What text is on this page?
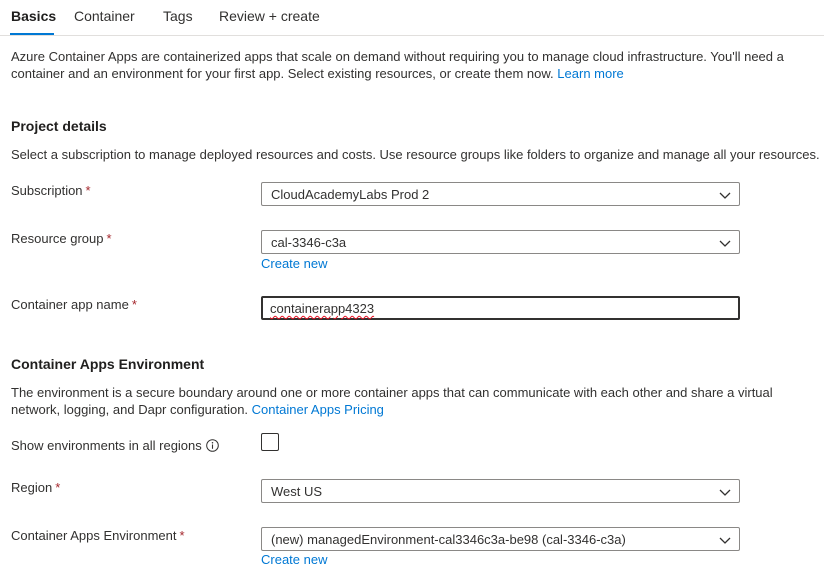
Basics Container Tags Review + create
Azure Container Apps are containerized apps that scale on demand without requiring you to manage cloud infrastructure. You'll need a container and an environment for your first app. Select existing resources, or create them now. Learn more
Project details
Select a subscription to manage deployed resources and costs. Use resource groups like folders to organize and manage all your resources.
Subscription *	CloudAcademyLabs Prod 2
Resource group *	cal-3346-c3a
Create new
Container app name *	containerapp4323
Container Apps Environment
The environment is a secure boundary around one or more container apps that can communicate with each other and share a virtual network, logging, and Dapr configuration. Container Apps Pricing
Show environments in all regions
Region *	West US
Container Apps Environment *	(new) managedEnvironment-cal3346c3a-be98 (cal-3346-c3a)
Create new
